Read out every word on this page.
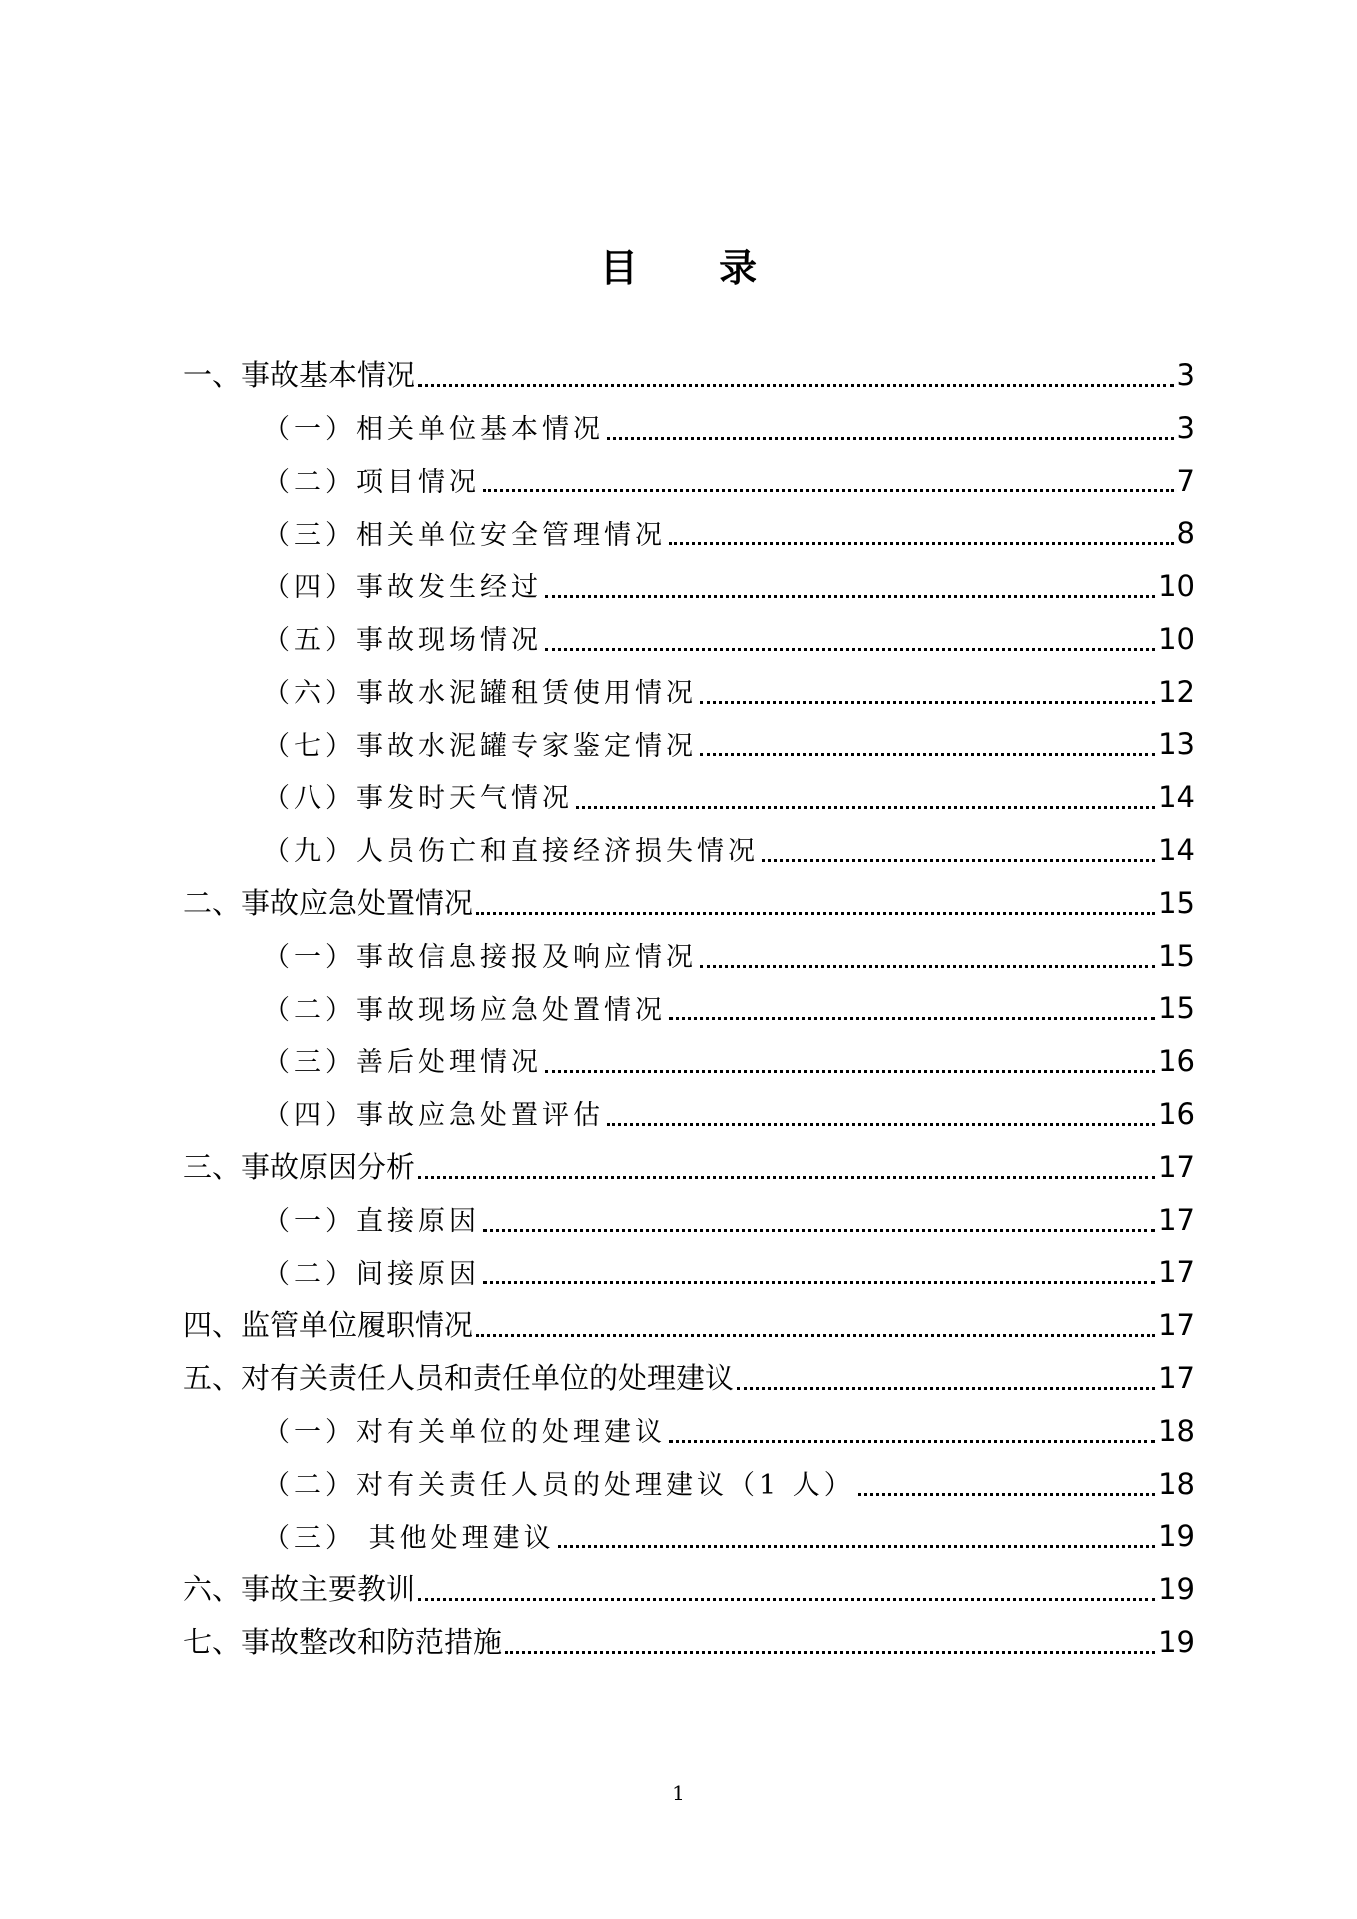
目 录
一、事故基本情况	3
（一）相关单位基本情况	3
（二）项目情况	7
（三）相关单位安全管理情况	8
（四）事故发生经过	10
（五）事故现场情况	10
（六）事故水泥罐租赁使用情况	12
（七）事故水泥罐专家鉴定情况	13
（八）事发时天气情况	14
（九）人员伤亡和直接经济损失情况	14
二、事故应急处置情况	15
（一）事故信息接报及响应情况	15
（二）事故现场应急处置情况	15
（三）善后处理情况	16
（四）事故应急处置评估	16
三、事故原因分析	17
（一）直接原因	17
（二）间接原因	17
四、监管单位履职情况	17
五、对有关责任人员和责任单位的处理建议	17
（一）对有关单位的处理建议	18
（二）对有关责任人员的处理建议（1 人）	18
（三） 其他处理建议	19
六、事故主要教训	19
七、事故整改和防范措施	19
1
